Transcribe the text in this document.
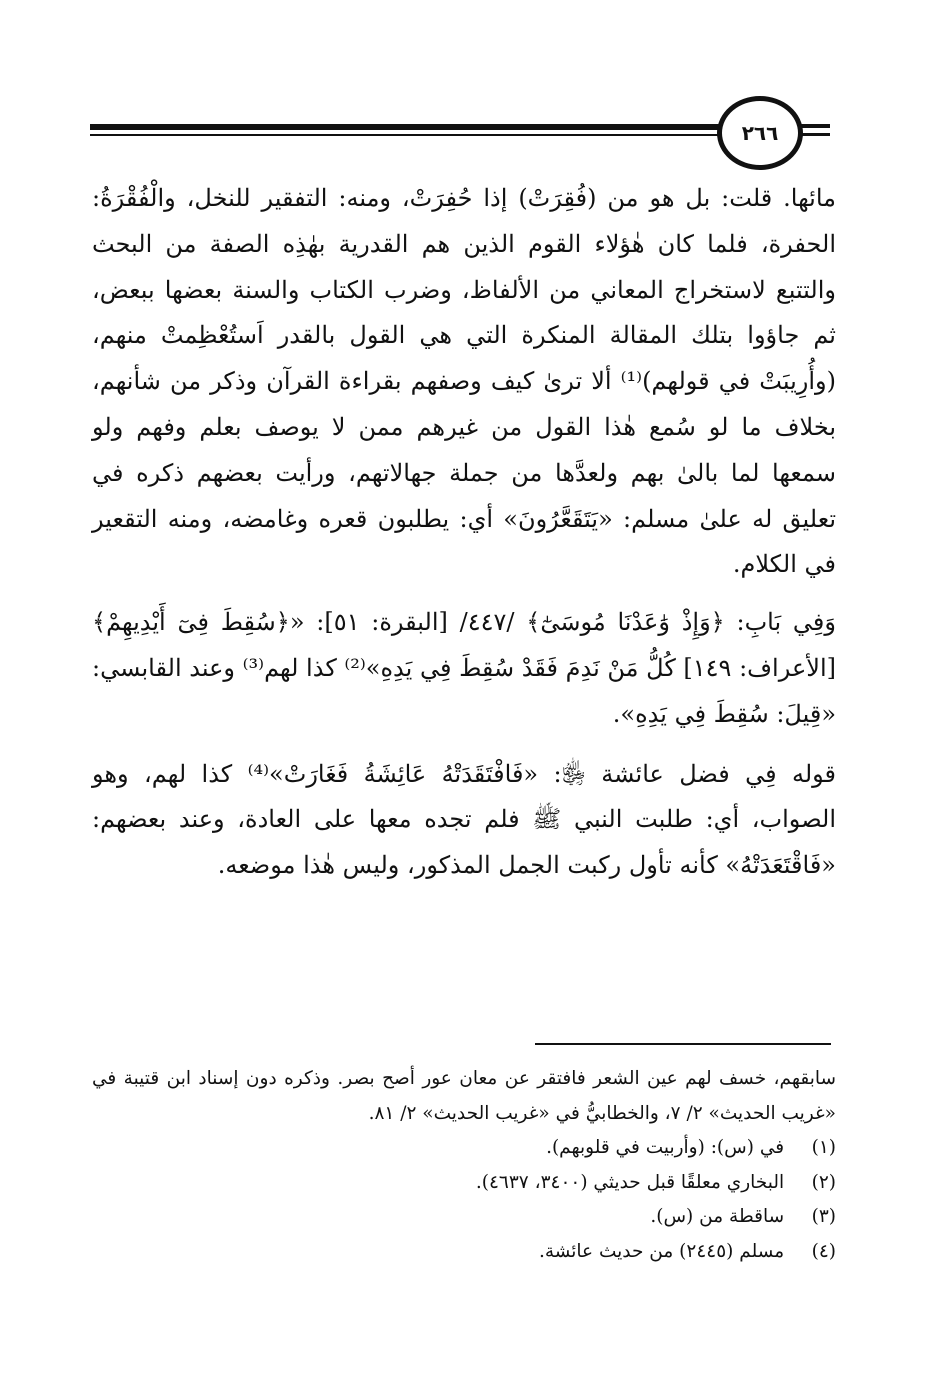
٢٦٦

مائها. قلت: بل هو من (فُقِرَتْ) إذا حُفِرَتْ، ومنه: التفقير للنخل، والْفُقْرَةُ: الحفرة، فلما كان هٰؤلاء القوم الذين هم القدرية بهٰذِه الصفة من البحث والتتبع لاستخراج المعاني من الألفاظ، وضرب الكتاب والسنة بعضها ببعض، ثم جاؤوا بتلك المقالة المنكرة التي هي القول بالقدر اَستُعْظِمتْ منهم، (وأُرِيبَتْ في قولهم)⁽¹⁾ ألا ترىٰ كيف وصفهم بقراءة القرآن وذكر من شأنهم، بخلاف ما لو سُمع هٰذا القول من غيرهم ممن لا يوصف بعلم وفهم ولو سمعها لما بالىٰ بهم ولعدَّها من جملة جهالاتهم، ورأيت بعضهم ذكره في تعليق له علىٰ مسلم: «يَتَقَعَّرُونَ» أي: يطلبون قعره وغامضه، ومنه التقعير في الكلام.

وَفِي بَابِ: ﴿وَإِذْ وَٰعَدْنَا مُوسَىٰٓ﴾ /٤٤٧/ [البقرة: ٥١]: «﴿سُقِطَ فِىٓ أَيْدِيهِمْ﴾ [الأعراف: ١٤٩] كُلُّ مَنْ نَدِمَ فَقَدْ سُقِطَ فِي يَدِهِ»⁽²⁾ كذا لهم⁽³⁾ وعند القابسي: «قِيلَ: سُقِطَ فِي يَدِهِ».

قوله فِي فضل عائشة ﵂: «فَافْتَقَدَتْهُ عَائِشَةُ فَغَارَتْ»⁽⁴⁾ كذا لهم، وهو الصواب، أي: طلبت النبي ﷺ فلم تجده معها على العادة، وعند بعضهم: «فَاقْتَعَدَتْهُ» كأنه تأول ركبت الجمل المذكور، وليس هٰذا موضعه.

سابقهم، خسف لهم عين الشعر فافتقر عن معان عور أصح بصر. وذكره دون إسناد ابن قتيبة في «غريب الحديث» ٢/ ٧، والخطابيُّ في «غريب الحديث» ٢/ ٨١.

(١) في (س): (وأربيت في قلوبهم).
(٢) البخاري معلقًا قبل حديثي (٣٤٠٠، ٤٦٣٧).
(٣) ساقطة من (س).
(٤) مسلم (٢٤٤٥) من حديث عائشة.
